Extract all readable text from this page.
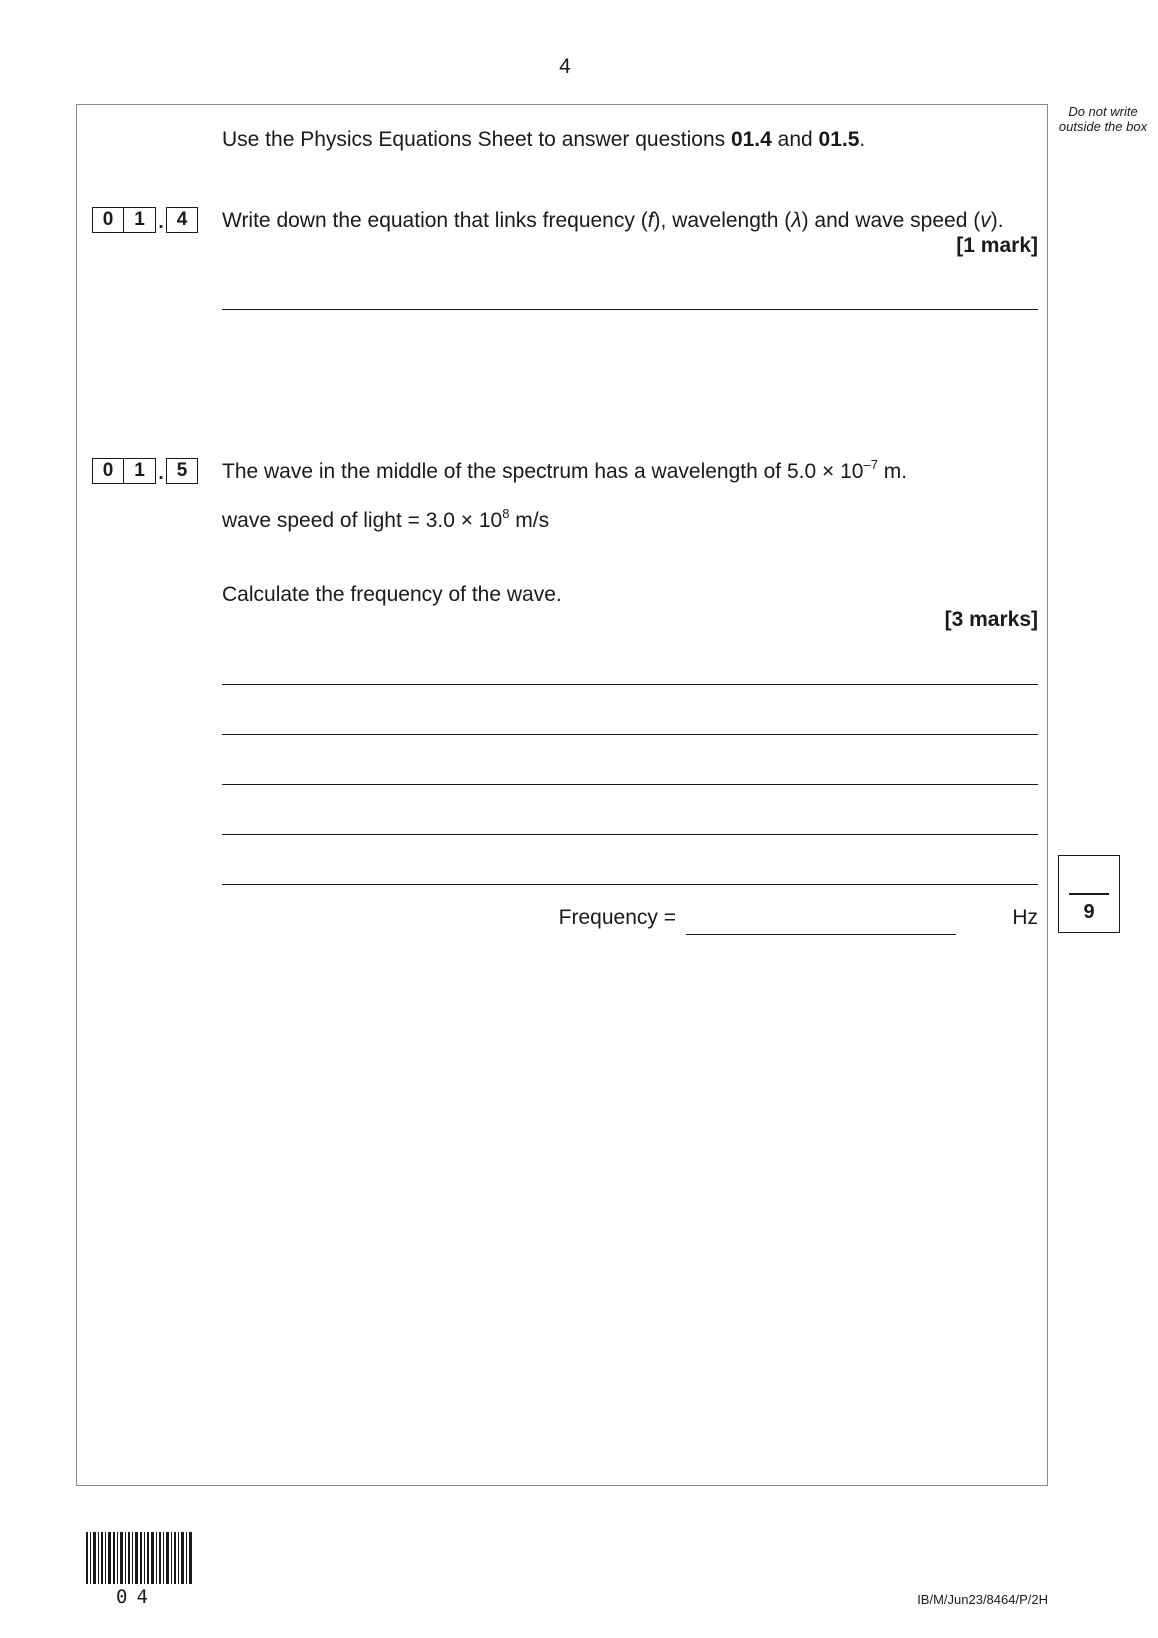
4
Do not write outside the box
Use the Physics Equations Sheet to answer questions 01.4 and 01.5.
0	1 . 4	Write down the equation that links frequency (f), wavelength (λ) and wave speed (v).
[1 mark]
0	1 . 5	The wave in the middle of the spectrum has a wavelength of $5.0 \times 10^{-7}$ m.
wave speed of light = $3.0 \times 10^8$ m/s
Calculate the frequency of the wave.
[3 marks]
Frequency =	Hz	9
04	IB/M/Jun23/8464/P/2H
